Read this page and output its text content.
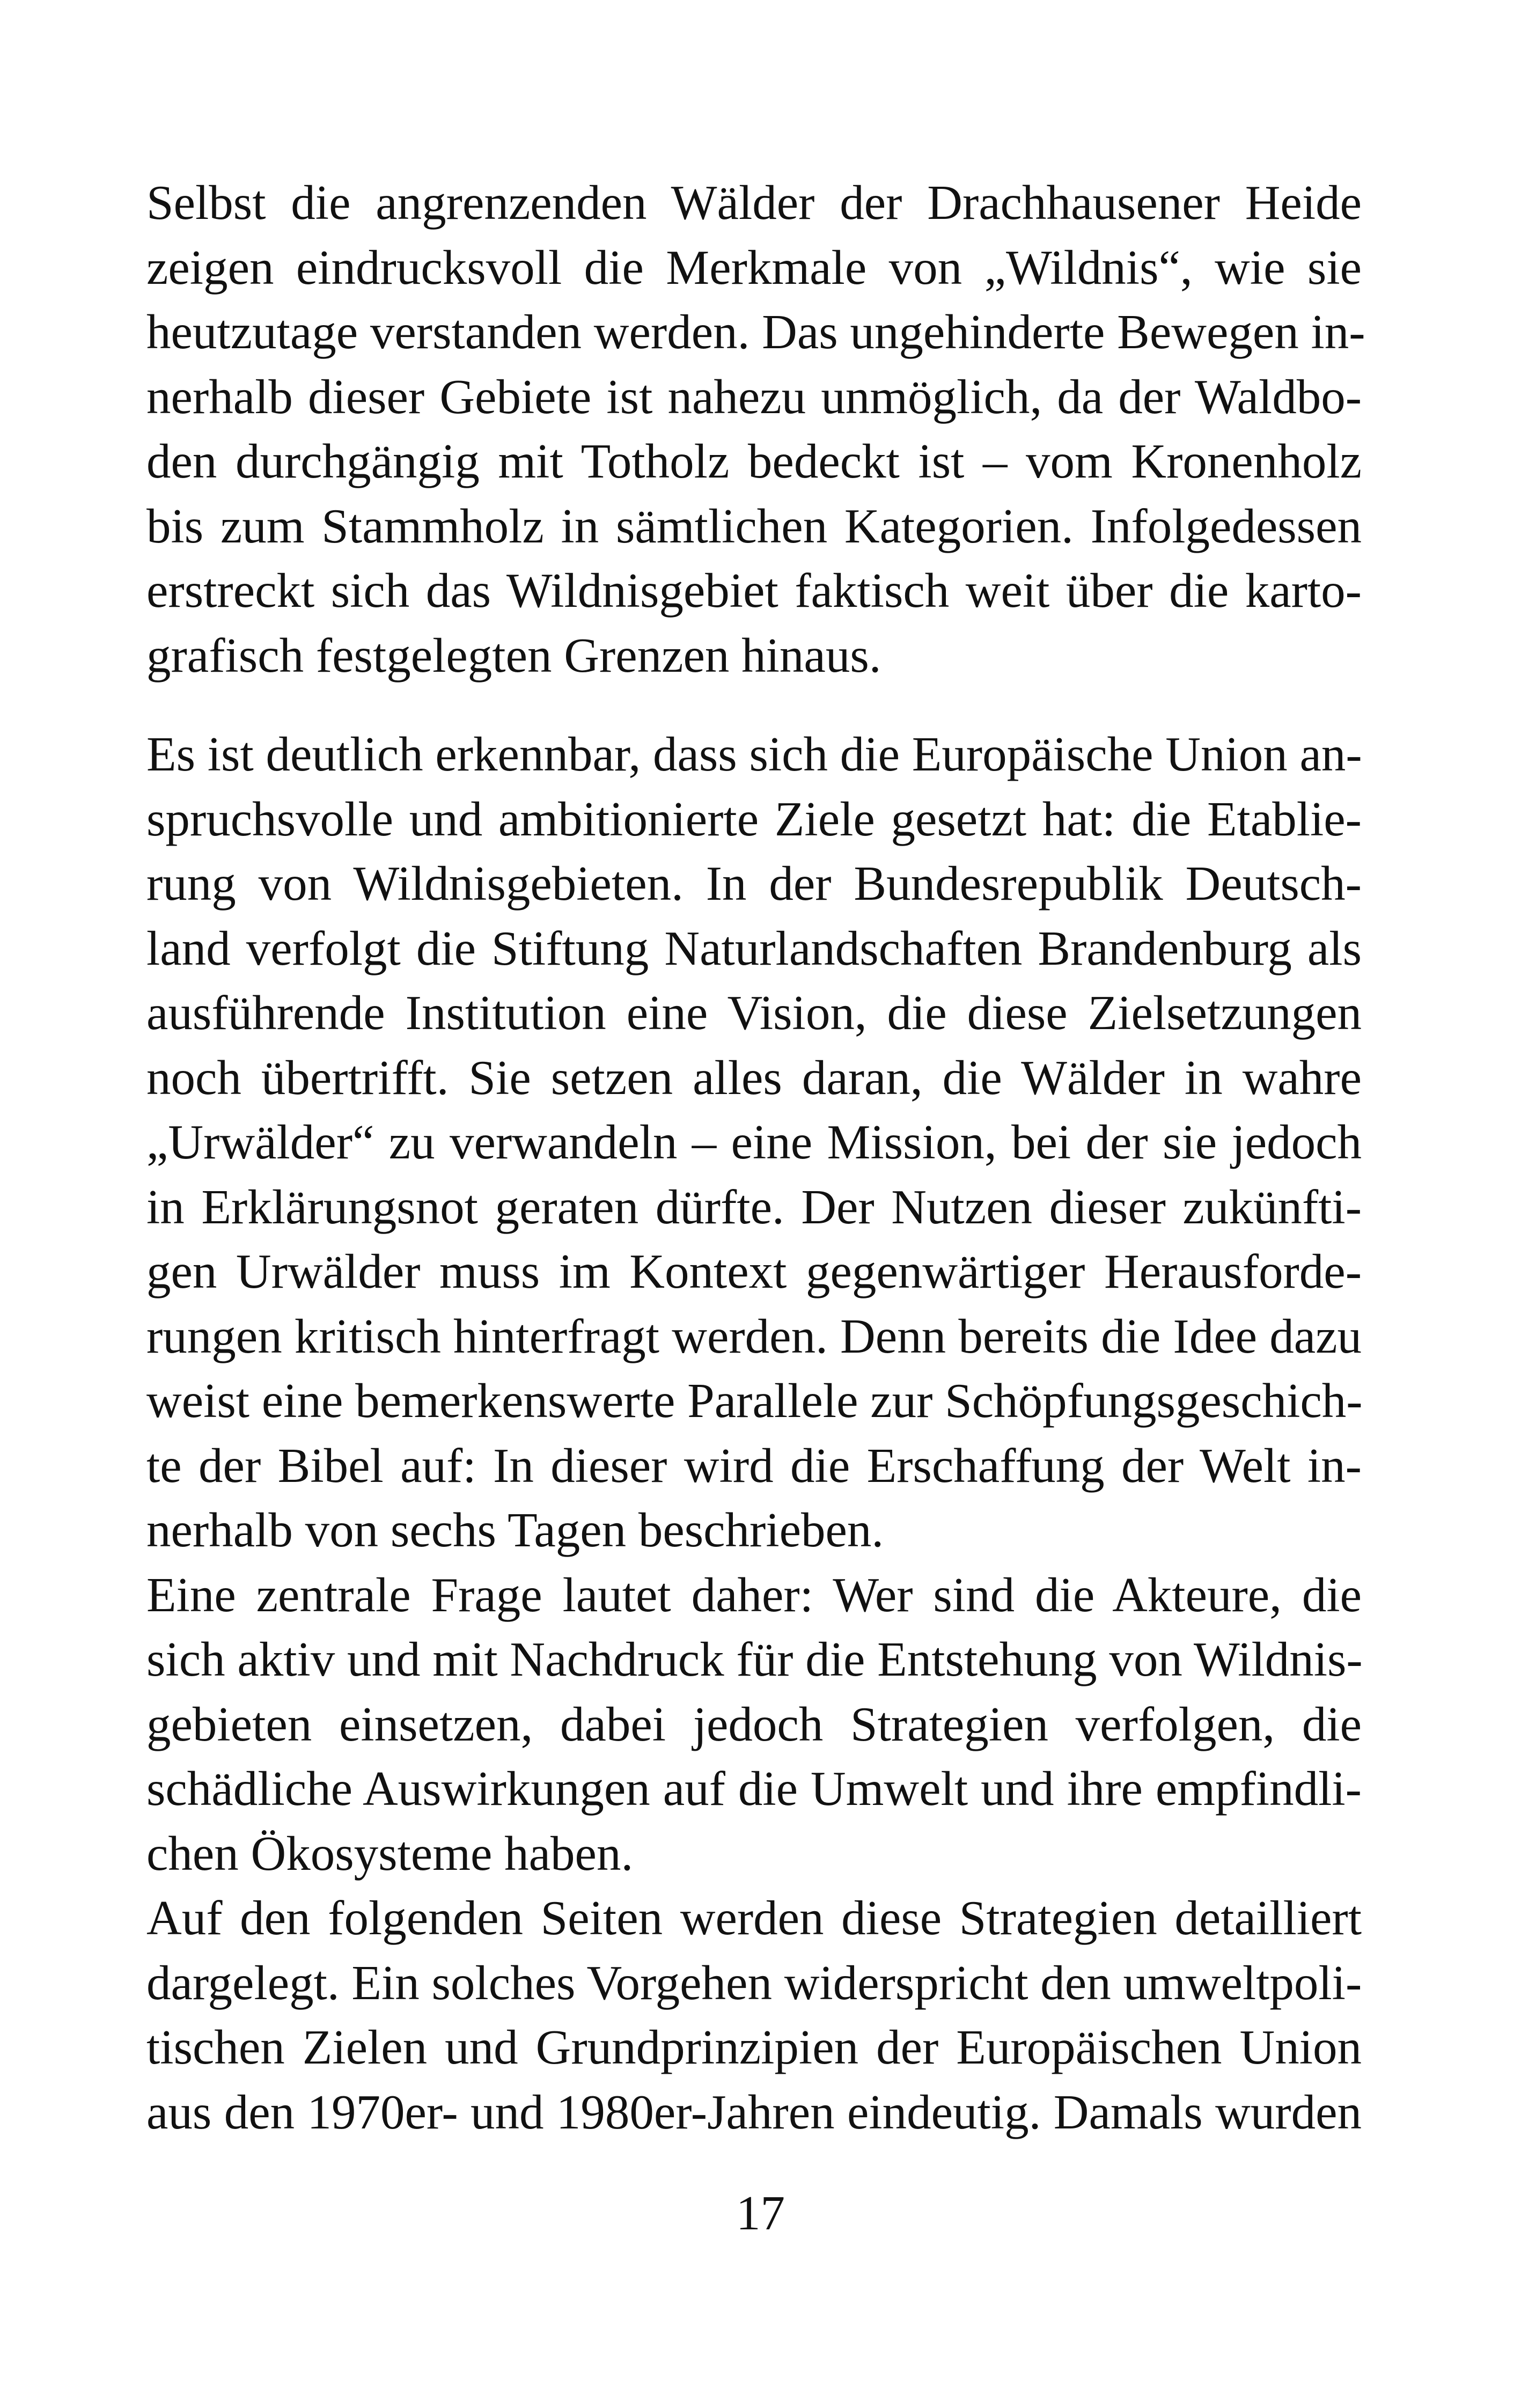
Selbst die angrenzenden Wälder der Drachhausener Heide
zeigen eindrucksvoll die Merkmale von „Wildnis“, wie sie
heutzutage verstanden werden. Das ungehinderte Bewegen in-
nerhalb dieser Gebiete ist nahezu unmöglich, da der Waldbo-
den durchgängig mit Totholz bedeckt ist – vom Kronenholz
bis zum Stammholz in sämtlichen Kategorien. Infolgedessen
erstreckt sich das Wildnisgebiet faktisch weit über die karto-
grafisch festgelegten Grenzen hinaus.
Es ist deutlich erkennbar, dass sich die Europäische Union an-
spruchsvolle und ambitionierte Ziele gesetzt hat: die Etablie-
rung von Wildnisgebieten. In der Bundesrepublik Deutsch-
land verfolgt die Stiftung Naturlandschaften Brandenburg als
ausführende Institution eine Vision, die diese Zielsetzungen
noch übertrifft. Sie setzen alles daran, die Wälder in wahre
„Urwälder“ zu verwandeln – eine Mission, bei der sie jedoch
in Erklärungsnot geraten dürfte. Der Nutzen dieser zukünfti-
gen Urwälder muss im Kontext gegenwärtiger Herausforde-
rungen kritisch hinterfragt werden. Denn bereits die Idee dazu
weist eine bemerkenswerte Parallele zur Schöpfungsgeschich-
te der Bibel auf: In dieser wird die Erschaffung der Welt in-
nerhalb von sechs Tagen beschrieben.
Eine zentrale Frage lautet daher: Wer sind die Akteure, die
sich aktiv und mit Nachdruck für die Entstehung von Wildnis-
gebieten einsetzen, dabei jedoch Strategien verfolgen, die
schädliche Auswirkungen auf die Umwelt und ihre empfindli-
chen Ökosysteme haben.
Auf den folgenden Seiten werden diese Strategien detailliert
dargelegt. Ein solches Vorgehen widerspricht den umweltpoli-
tischen Zielen und Grundprinzipien der Europäischen Union
aus den 1970er- und 1980er-Jahren eindeutig. Damals wurden
17
